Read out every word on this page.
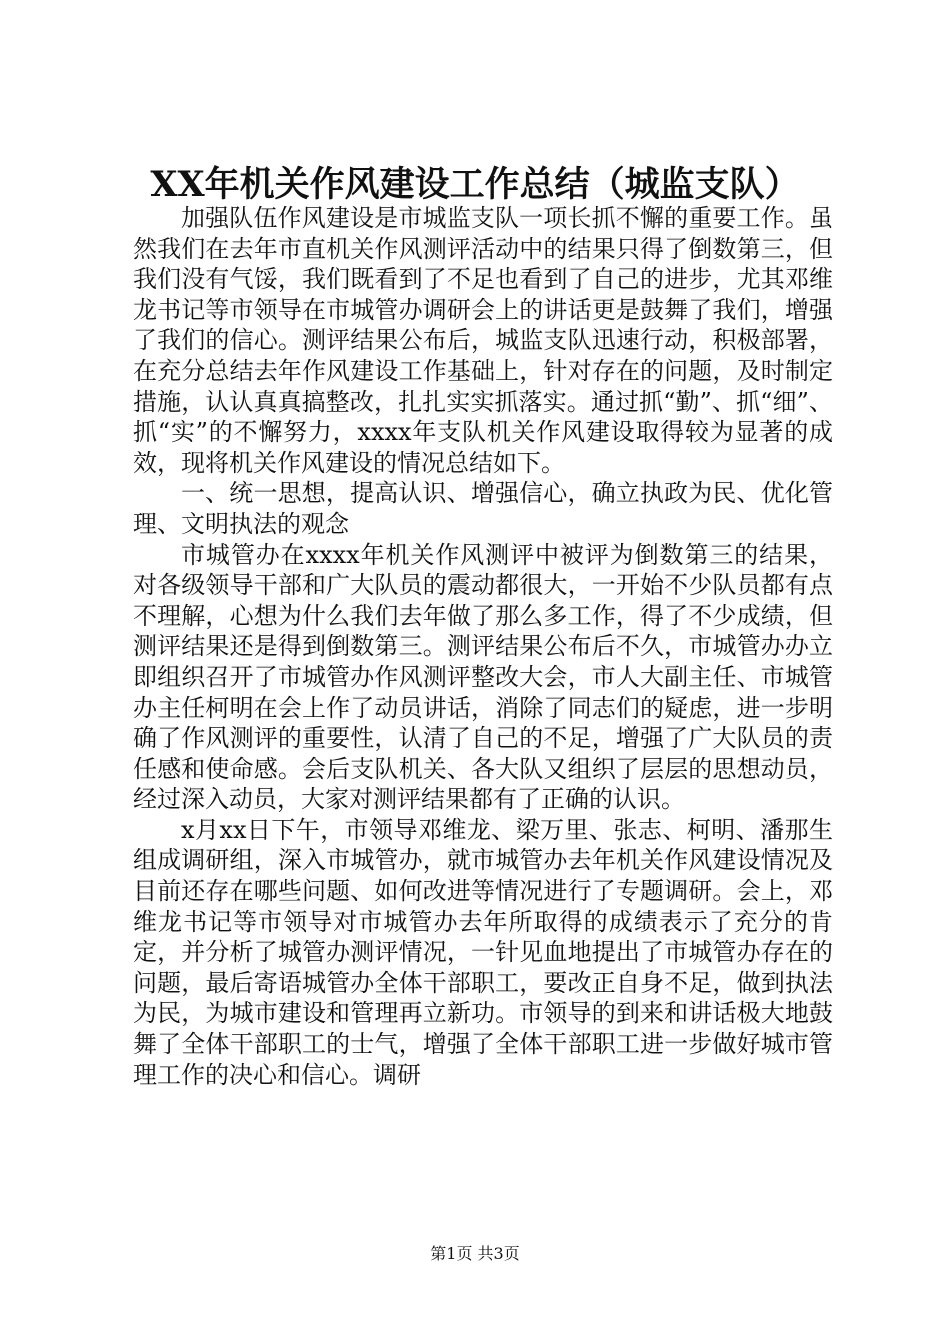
XX年机关作风建设工作总结（城监支队）

加强队伍作风建设是市城监支队一项长抓不懈的重要工作。虽然我们在去年市直机关作风测评活动中的结果只得了倒数第三，但我们没有气馁，我们既看到了不足也看到了自己的进步，尤其邓维龙书记等市领导在市城管办调研会上的讲话更是鼓舞了我们，增强了我们的信心。测评结果公布后，城监支队迅速行动，积极部署，在充分总结去年作风建设工作基础上，针对存在的问题，及时制定措施，认认真真搞整改，扎扎实实抓落实。通过抓“勤”、抓“细”、抓“实”的不懈努力，xxxx年支队机关作风建设取得较为显著的成效，现将机关作风建设的情况总结如下。

一、统一思想，提高认识、增强信心，确立执政为民、优化管理、文明执法的观念

市城管办在xxxx年机关作风测评中被评为倒数第三的结果，对各级领导干部和广大队员的震动都很大，一开始不少队员都有点不理解，心想为什么我们去年做了那么多工作，得了不少成绩，但测评结果还是得到倒数第三。测评结果公布后不久，市城管办办立即组织召开了市城管办作风测评整改大会，市人大副主任、市城管办主任柯明在会上作了动员讲话，消除了同志们的疑虑，进一步明确了作风测评的重要性，认清了自己的不足，增强了广大队员的责任感和使命感。会后支队机关、各大队又组织了层层的思想动员，经过深入动员，大家对测评结果都有了正确的认识。

x月xx日下午，市领导邓维龙、梁万里、张志、柯明、潘那生组成调研组，深入市城管办，就市城管办去年机关作风建设情况及目前还存在哪些问题、如何改进等情况进行了专题调研。会上，邓维龙书记等市领导对市城管办去年所取得的成绩表示了充分的肯定，并分析了城管办测评情况，一针见血地提出了市城管办存在的问题，最后寄语城管办全体干部职工，要改正自身不足，做到执法为民，为城市建设和管理再立新功。市领导的到来和讲话极大地鼓舞了全体干部职工的士气，增强了全体干部职工进一步做好城市管理工作的决心和信心。调研

第1页 共3页
